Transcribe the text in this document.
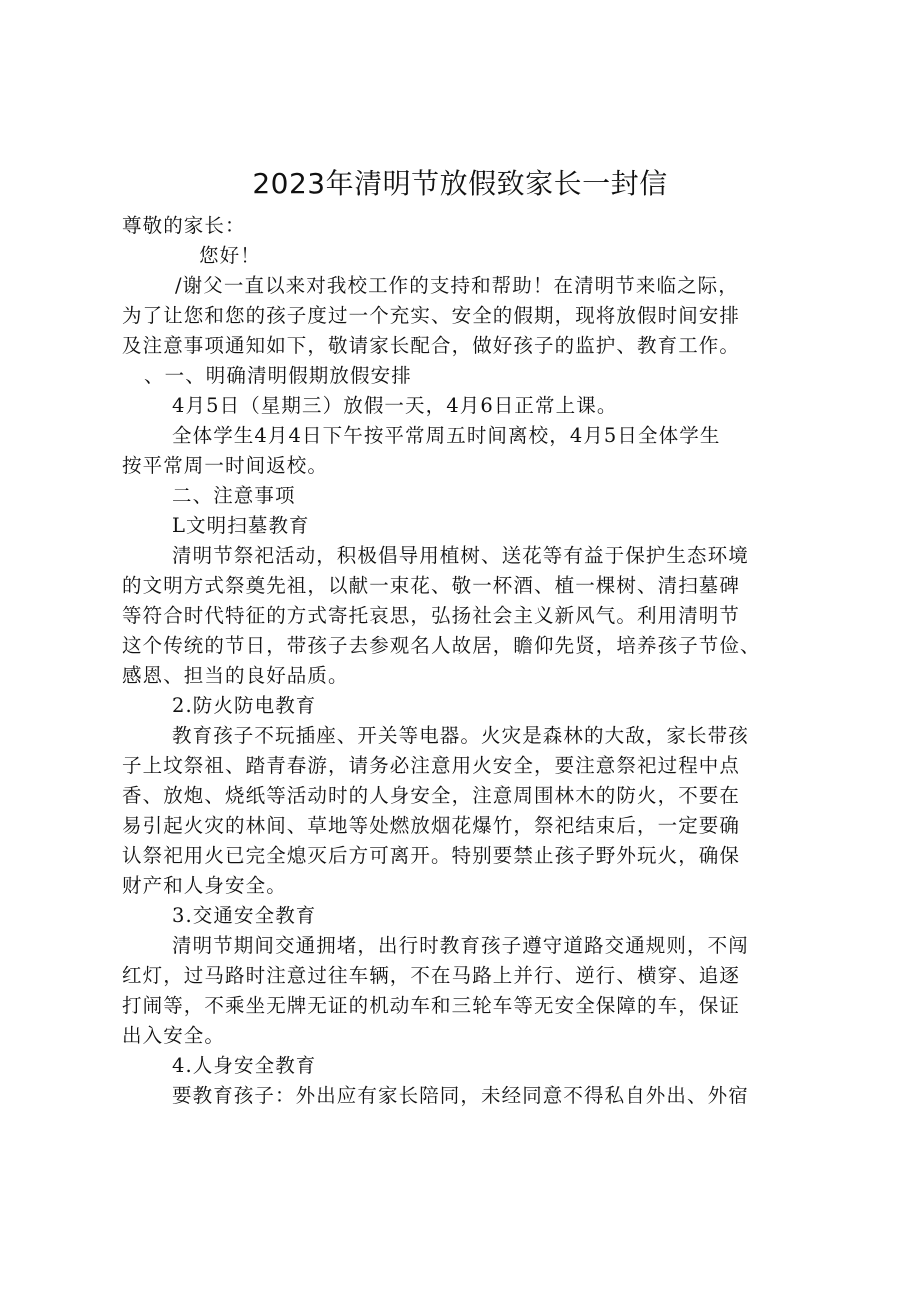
2023年清明节放假致家长一封信
尊敬的家长：
您好！
/谢父一直以来对我校工作的支持和帮助！在清明节来临之际，
为了让您和您的孩子度过一个充实、安全的假期，现将放假时间安排
及注意事项通知如下，敬请家长配合，做好孩子的监护、教育工作。
、一、明确清明假期放假安排
4月5日（星期三）放假一天，4月6日正常上课。
全体学生4月4日下午按平常周五时间离校，4月5日全体学生
按平常周一时间返校。
二、注意事项
L文明扫墓教育
清明节祭祀活动，积极倡导用植树、送花等有益于保护生态环境
的文明方式祭奠先祖，以献一束花、敬一杯酒、植一棵树、清扫墓碑
等符合时代特征的方式寄托哀思，弘扬社会主义新风气。利用清明节
这个传统的节日，带孩子去参观名人故居，瞻仰先贤，培养孩子节俭、
感恩、担当的良好品质。
2.防火防电教育
教育孩子不玩插座、开关等电器。火灾是森林的大敌，家长带孩
子上坟祭祖、踏青春游，请务必注意用火安全，要注意祭祀过程中点
香、放炮、烧纸等活动时的人身安全，注意周围林木的防火，不要在
易引起火灾的林间、草地等处燃放烟花爆竹，祭祀结束后，一定要确
认祭祀用火已完全熄灭后方可离开。特别要禁止孩子野外玩火，确保
财产和人身安全。
3.交通安全教育
清明节期间交通拥堵，出行时教育孩子遵守道路交通规则，不闯
红灯，过马路时注意过往车辆，不在马路上并行、逆行、横穿、追逐
打闹等，不乘坐无牌无证的机动车和三轮车等无安全保障的车，保证
出入安全。
4.人身安全教育
要教育孩子：外出应有家长陪同，未经同意不得私自外出、外宿
